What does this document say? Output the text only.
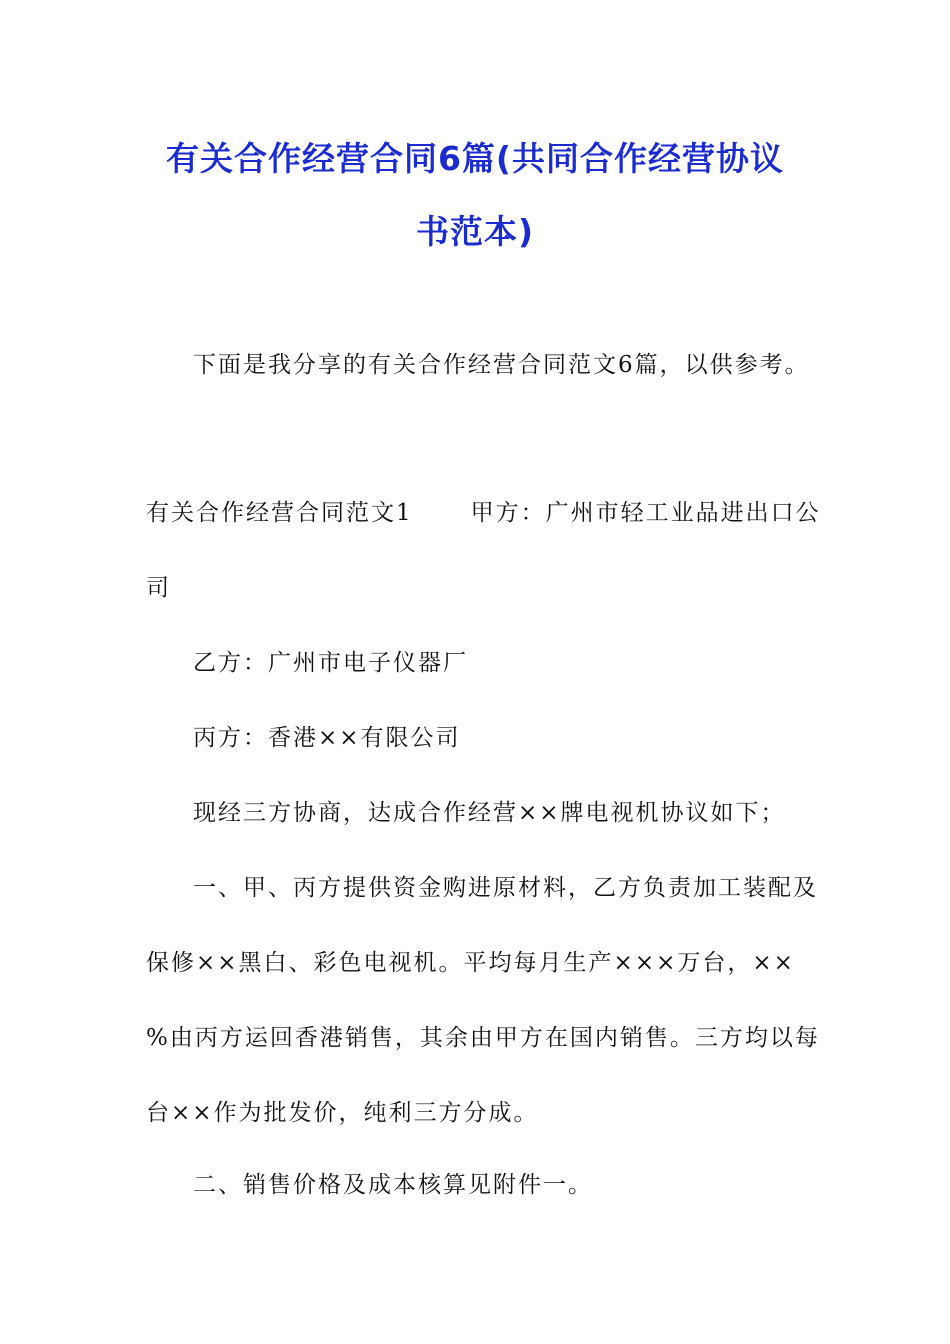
有关合作经营合同6篇(共同合作经营协议
书范本)
下面是我分享的有关合作经营合同范文6篇，以供参考。
有关合作经营合同范文1	甲方：广州市轻工业品进出口公
司
乙方：广州市电子仪器厂
丙方：香港××有限公司
现经三方协商，达成合作经营××牌电视机协议如下；
一、甲、丙方提供资金购进原材料，乙方负责加工装配及
保修××黑白、彩色电视机。平均每月生产×××万台，××
%由丙方运回香港销售，其余由甲方在国内销售。三方均以每
台××作为批发价，纯利三方分成。
二、销售价格及成本核算见附件一。
